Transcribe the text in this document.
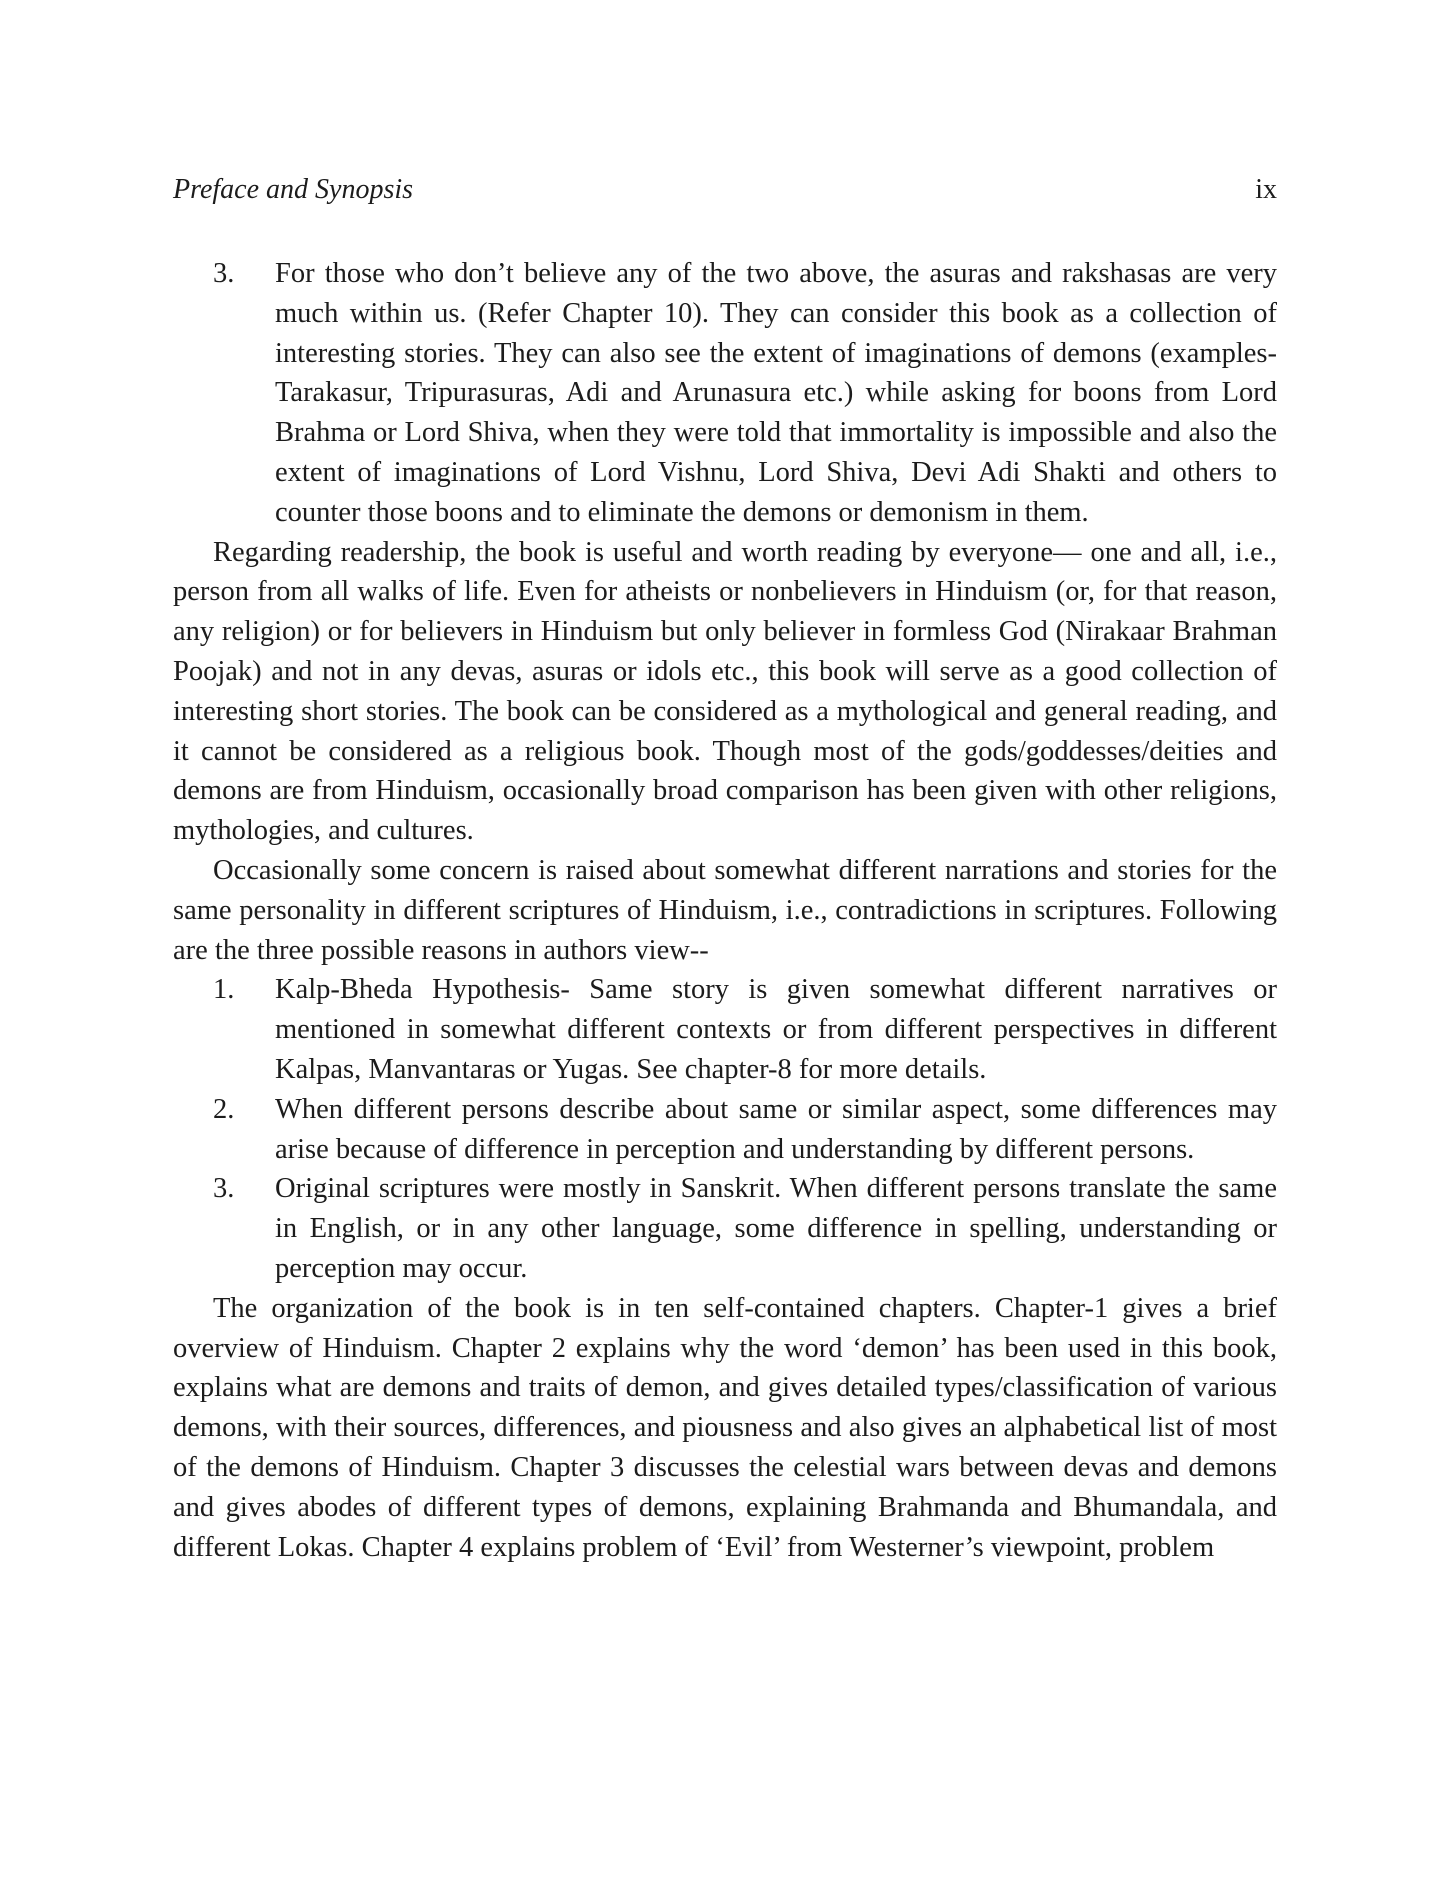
Preface and Synopsis	ix
3. For those who don’t believe any of the two above, the asuras and rakshasas are very much within us. (Refer Chapter 10). They can consider this book as a collection of interesting stories. They can also see the extent of imaginations of demons (examples- Tarakasur, Tripurasuras, Adi and Arunasura etc.) while asking for boons from Lord Brahma or Lord Shiva, when they were told that immortality is impossible and also the extent of imaginations of Lord Vishnu, Lord Shiva, Devi Adi Shakti and others to counter those boons and to eliminate the demons or demonism in them.

Regarding readership, the book is useful and worth reading by everyone— one and all, i.e., person from all walks of life. Even for atheists or nonbelievers in Hinduism (or, for that reason, any religion) or for believers in Hinduism but only believer in formless God (Nirakaar Brahman Poojak) and not in any devas, asuras or idols etc., this book will serve as a good collection of interesting short stories. The book can be considered as a mythological and general reading, and it cannot be considered as a religious book. Though most of the gods/goddesses/deities and demons are from Hinduism, occasionally broad comparison has been given with other religions, mythologies, and cultures.

Occasionally some concern is raised about somewhat different narrations and stories for the same personality in different scriptures of Hinduism, i.e., contradictions in scriptures. Following are the three possible reasons in authors view--

1. Kalp-Bheda Hypothesis- Same story is given somewhat different narratives or mentioned in somewhat different contexts or from different perspectives in different Kalpas, Manvantaras or Yugas. See chapter-8 for more details.
2. When different persons describe about same or similar aspect, some differences may arise because of difference in perception and understanding by different persons.
3. Original scriptures were mostly in Sanskrit. When different persons translate the same in English, or in any other language, some difference in spelling, understanding or perception may occur.

The organization of the book is in ten self-contained chapters. Chapter-1 gives a brief overview of Hinduism. Chapter 2 explains why the word ‘demon’ has been used in this book, explains what are demons and traits of demon, and gives detailed types/classification of various demons, with their sources, differences, and piousness and also gives an alphabetical list of most of the demons of Hinduism. Chapter 3 discusses the celestial wars between devas and demons and gives abodes of different types of demons, explaining Brahmanda and Bhumandala, and different Lokas. Chapter 4 explains problem of ‘Evil’ from Westerner’s viewpoint, problem
